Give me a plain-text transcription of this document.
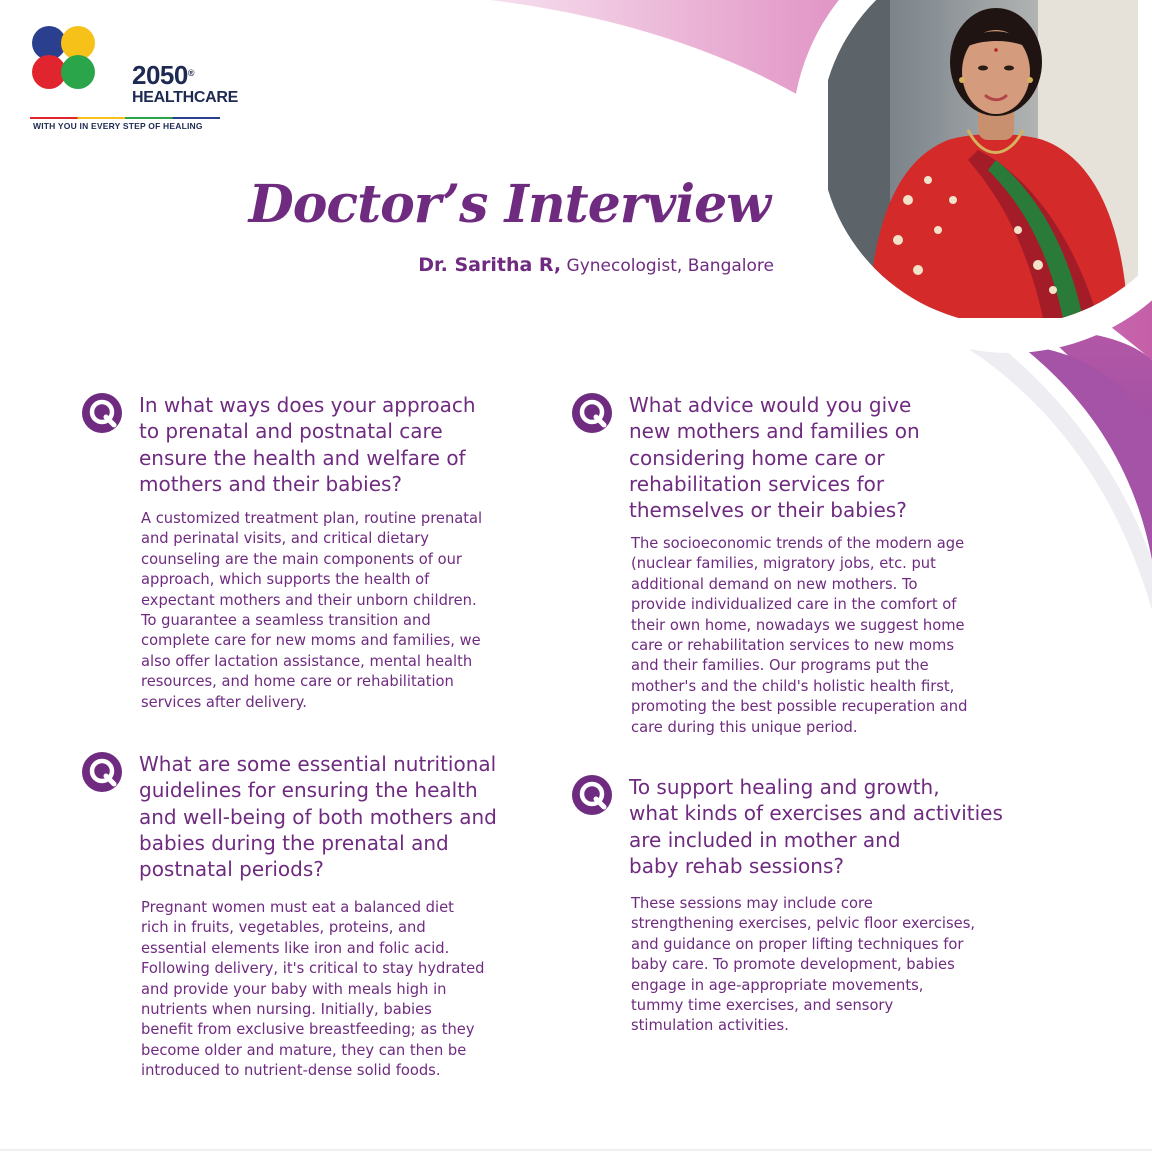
2050®
HEALTHCARE
WITH YOU IN EVERY STEP OF HEALING
Doctor’s Interview
Dr. Saritha R, Gynecologist, Bangalore
In what ways does your approach
to prenatal and postnatal care
ensure the health and welfare of
mothers and their babies?
A customized treatment plan, routine prenatal
and perinatal visits, and critical dietary
counseling are the main components of our
approach, which supports the health of
expectant mothers and their unborn children.
To guarantee a seamless transition and
complete care for new moms and families, we
also offer lactation assistance, mental health
resources, and home care or rehabilitation
services after delivery.
What are some essential nutritional
guidelines for ensuring the health
and well-being of both mothers and
babies during the prenatal and
postnatal periods?
Pregnant women must eat a balanced diet
rich in fruits, vegetables, proteins, and
essential elements like iron and folic acid.
Following delivery, it's critical to stay hydrated
and provide your baby with meals high in
nutrients when nursing. Initially, babies
benefit from exclusive breastfeeding; as they
become older and mature, they can then be
introduced to nutrient-dense solid foods.
What advice would you give
new mothers and families on
considering home care or
rehabilitation services for
themselves or their babies?
The socioeconomic trends of the modern age
(nuclear families, migratory jobs, etc. put
additional demand on new mothers. To
provide individualized care in the comfort of
their own home, nowadays we suggest home
care or rehabilitation services to new moms
and their families. Our programs put the
mother's and the child's holistic health first,
promoting the best possible recuperation and
care during this unique period.
To support healing and growth,
what kinds of exercises and activities
are included in mother and
baby rehab sessions?
These sessions may include core
strengthening exercises, pelvic floor exercises,
and guidance on proper lifting techniques for
baby care. To promote development, babies
engage in age-appropriate movements,
tummy time exercises, and sensory
stimulation activities.
